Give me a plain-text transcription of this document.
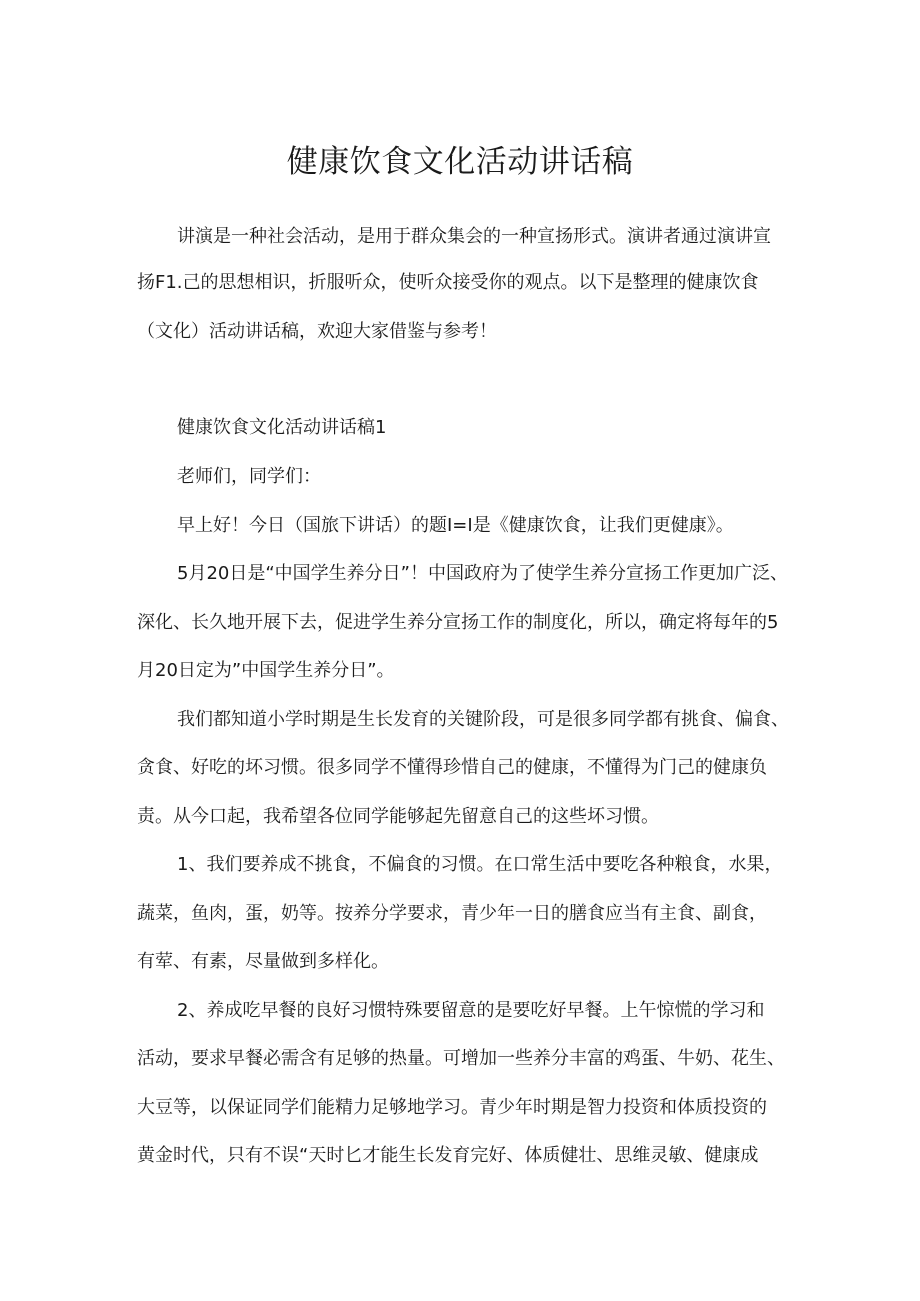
健康饮食文化活动讲话稿
讲演是一种社会活动，是用于群众集会的一种宣扬形式。演讲者通过演讲宣
扬F1.己的思想相识，折服听众，使听众接受你的观点。以下是整理的健康饮食
（文化）活动讲话稿，欢迎大家借鉴与参考！
健康饮食文化活动讲话稿1
老师们，同学们：
早上好！今日（国旅下讲话）的题I=I是《健康饮食，让我们更健康》。
5月20日是“中国学生养分日”！中国政府为了使学生养分宣扬工作更加广泛、
深化、长久地开展下去，促进学生养分宣扬工作的制度化，所以，确定将每年的5
月20日定为”中国学生养分日”。
我们都知道小学时期是生长发育的关键阶段，可是很多同学都有挑食、偏食、
贪食、好吃的坏习惯。很多同学不懂得珍惜自己的健康，不懂得为门己的健康负
责。从今口起，我希望各位同学能够起先留意自己的这些坏习惯。
1、我们要养成不挑食，不偏食的习惯。在口常生活中要吃各种粮食，水果，
蔬菜，鱼肉，蛋，奶等。按养分学要求，青少年一日的膳食应当有主食、副食，
有荤、有素，尽量做到多样化。
2、养成吃早餐的良好习惯特殊要留意的是要吃好早餐。上午惊慌的学习和
活动，要求早餐必需含有足够的热量。可增加一些养分丰富的鸡蛋、牛奶、花生、
大豆等，以保证同学们能精力足够地学习。青少年时期是智力投资和体质投资的
黄金时代，只有不误“天时匕才能生长发育完好、体质健壮、思维灵敏、健康成
